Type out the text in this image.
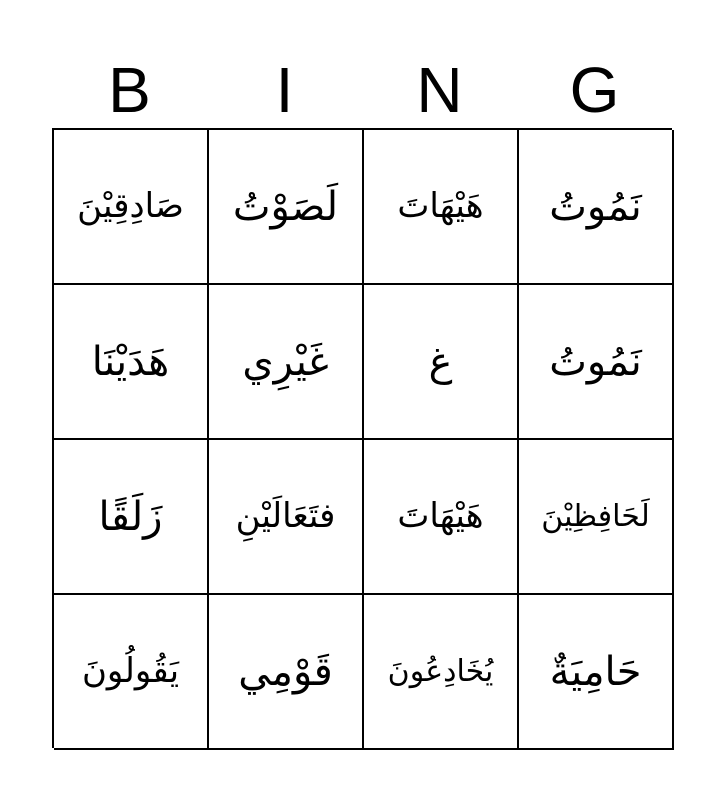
B	I	N	G
صَادِقِيْنَ لَصَوْتُ هَيْهَاتَ نَمُوتُ
هَدَيْنَا غَيْرِي غ نَمُوتُ
زَلَقًا فتَعَالَيْنِ هَيْهَاتَ لَحَافِظِيْنَ
يَقُولُونَ قَوْمِي يُخَادِعُونَ حَامِيَةٌ
